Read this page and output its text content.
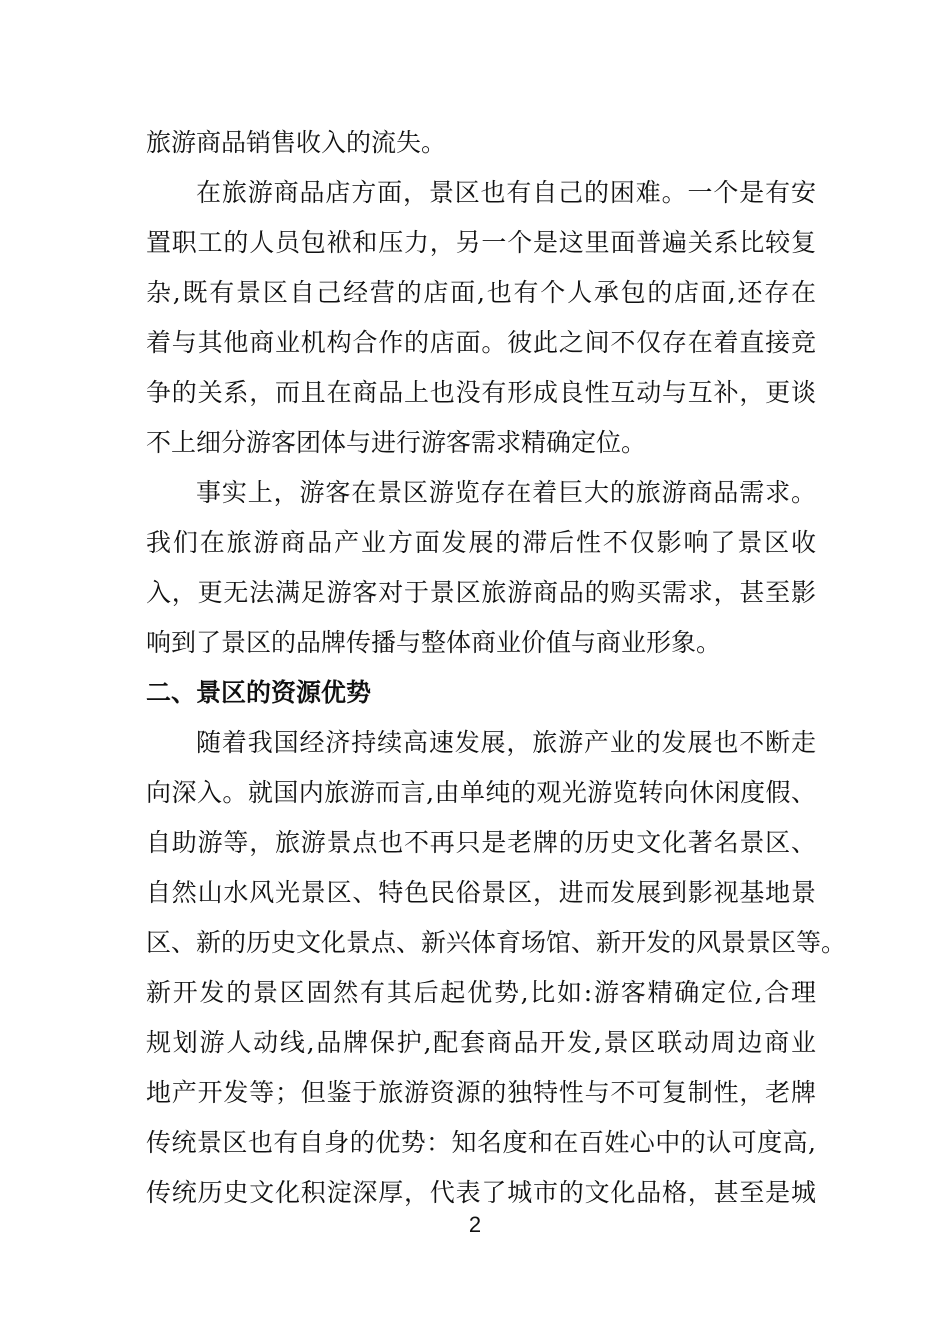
旅游商品销售收入的流失。
在旅游商品店方面，景区也有自己的困难。一个是有安
置职工的人员包袱和压力，另一个是这里面普遍关系比较复
杂,既有景区自己经营的店面,也有个人承包的店面,还存在
着与其他商业机构合作的店面。彼此之间不仅存在着直接竞
争的关系，而且在商品上也没有形成良性互动与互补，更谈
不上细分游客团体与进行游客需求精确定位。
事实上，游客在景区游览存在着巨大的旅游商品需求。
我们在旅游商品产业方面发展的滞后性不仅影响了景区收
入，更无法满足游客对于景区旅游商品的购买需求，甚至影
响到了景区的品牌传播与整体商业价值与商业形象。
二、景区的资源优势
随着我国经济持续高速发展，旅游产业的发展也不断走
向深入。就国内旅游而言,由单纯的观光游览转向休闲度假、
自助游等，旅游景点也不再只是老牌的历史文化著名景区、
自然山水风光景区、特色民俗景区，进而发展到影视基地景
区、新的历史文化景点、新兴体育场馆、新开发的风景景区等。
新开发的景区固然有其后起优势,比如:游客精确定位,合理
规划游人动线,品牌保护,配套商品开发,景区联动周边商业
地产开发等；但鉴于旅游资源的独特性与不可复制性，老牌
传统景区也有自身的优势：知名度和在百姓心中的认可度高,
传统历史文化积淀深厚，代表了城市的文化品格，甚至是城
2
